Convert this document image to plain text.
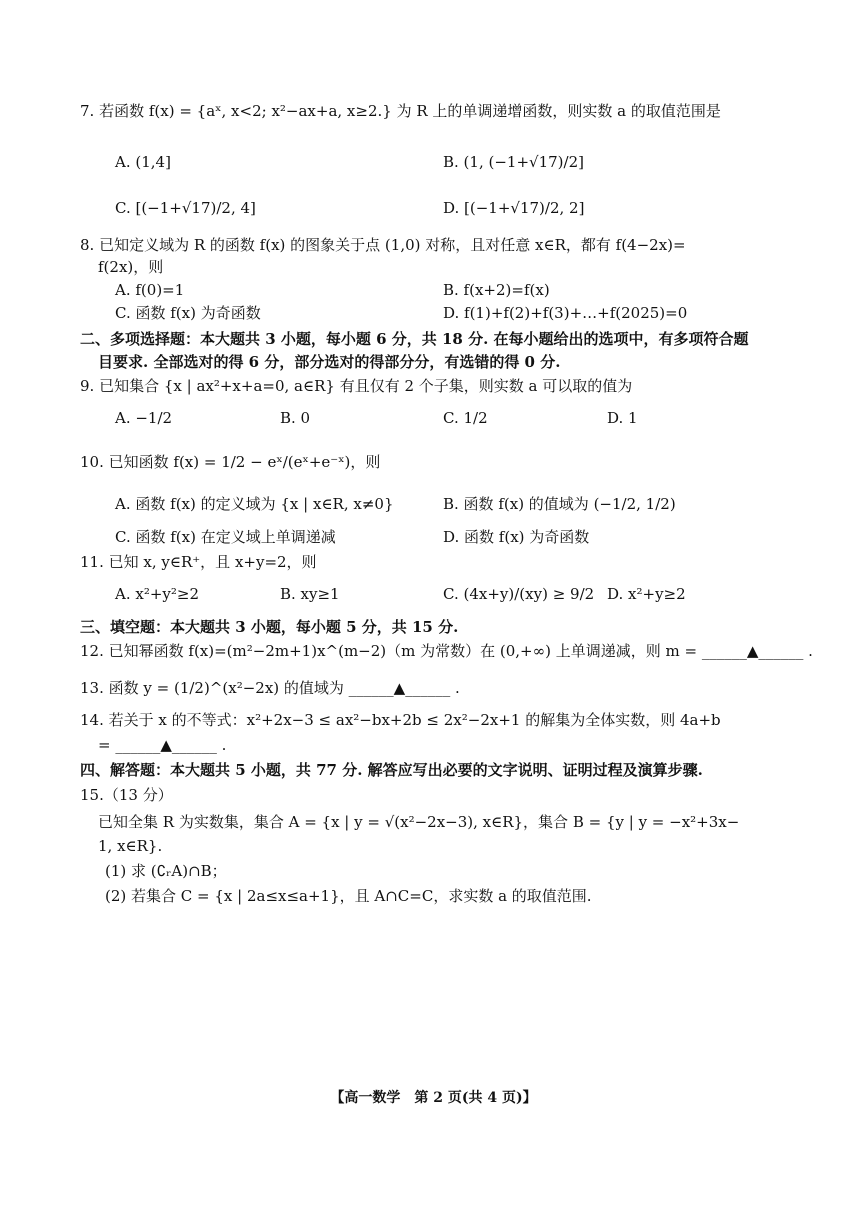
7. 若函数 f(x) = {aˣ, x<2; x²−ax+a, x≥2.} 为 R 上的单调递增函数，则实数 a 的取值范围是
A. (1,4]	B. (1, (−1+√17)/2]
C. [(−1+√17)/2, 4]	D. [(−1+√17)/2, 2]
8. 已知定义域为 R 的函数 f(x) 的图象关于点 (1,0) 对称，且对任意 x∈R，都有 f(4−2x)=
f(2x)，则
A. f(0)=1	B. f(x+2)=f(x)
C. 函数 f(x) 为奇函数	D. f(1)+f(2)+f(3)+…+f(2025)=0
二、多项选择题：本大题共 3 小题，每小题 6 分，共 18 分. 在每小题给出的选项中，有多项符合题
目要求. 全部选对的得 6 分，部分选对的得部分分，有选错的得 0 分.
9. 已知集合 {x | ax²+x+a=0, a∈R} 有且仅有 2 个子集，则实数 a 可以取的值为
A. −1/2	B. 0	C. 1/2	D. 1
10. 已知函数 f(x) = 1/2 − eˣ/(eˣ+e⁻ˣ)，则
A. 函数 f(x) 的定义域为 {x | x∈R, x≠0}	B. 函数 f(x) 的值域为 (−1/2, 1/2)
C. 函数 f(x) 在定义域上单调递减	D. 函数 f(x) 为奇函数
11. 已知 x, y∈R⁺，且 x+y=2，则
A. x²+y²≥2	B. xy≥1	C. (4x+y)/(xy) ≥ 9/2 D. x²+y≥2
三、填空题：本大题共 3 小题，每小题 5 分，共 15 分.
12. 已知幂函数 f(x)=(m²−2m+1)x^(m−2)（m 为常数）在 (0,+∞) 上单调递减，则 m = ______▲______ .
13. 函数 y = (1/2)^(x²−2x) 的值域为 ______▲______ .
14. 若关于 x 的不等式：x²+2x−3 ≤ ax²−bx+2b ≤ 2x²−2x+1 的解集为全体实数，则 4a+b
= ______▲______ .
四、解答题：本大题共 5 小题，共 77 分. 解答应写出必要的文字说明、证明过程及演算步骤.
15.（13 分）
已知全集 R 为实数集，集合 A = {x | y = √(x²−2x−3), x∈R}，集合 B = {y | y = −x²+3x−
1, x∈R}.
(1) 求 (∁ᵣA)∩B；
(2) 若集合 C = {x | 2a≤x≤a+1}，且 A∩C=C，求实数 a 的取值范围.
【高一数学　第 2 页(共 4 页)】
